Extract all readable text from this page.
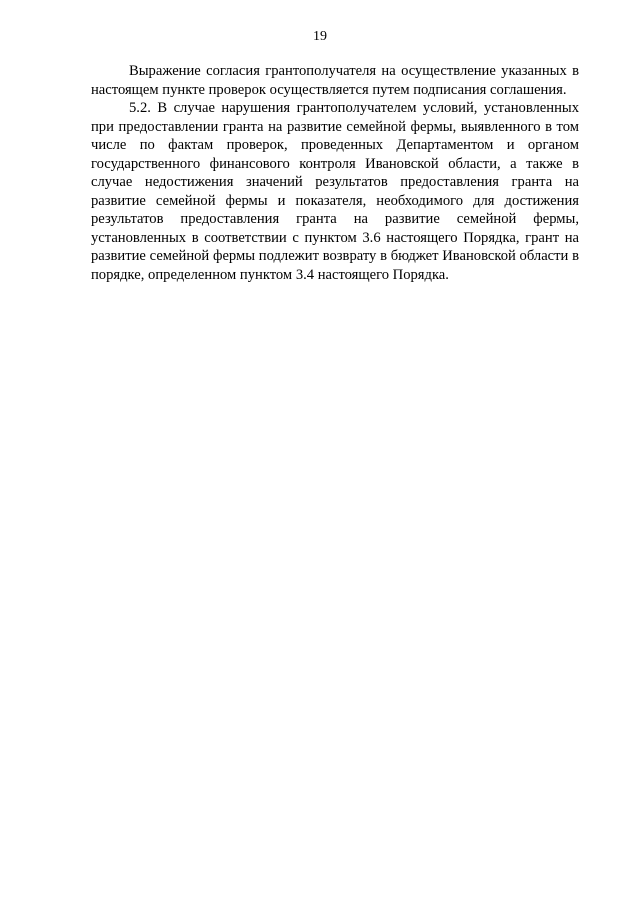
19

Выражение согласия грантополучателя на осуществление указанных в настоящем пункте проверок осуществляется путем подписания соглашения.

5.2. В случае нарушения грантополучателем условий, установленных при предоставлении гранта на развитие семейной фермы, выявленного в том числе по фактам проверок, проведенных Департаментом и органом государственного финансового контроля Ивановской области, а также в случае недостижения значений результатов предоставления гранта на развитие семейной фермы и показателя, необходимого для достижения результатов предоставления гранта на развитие семейной фермы, установленных в соответствии с пунктом 3.6 настоящего Порядка, грант на развитие семейной фермы подлежит возврату в бюджет Ивановской области в порядке, определенном пунктом 3.4 настоящего Порядка.
